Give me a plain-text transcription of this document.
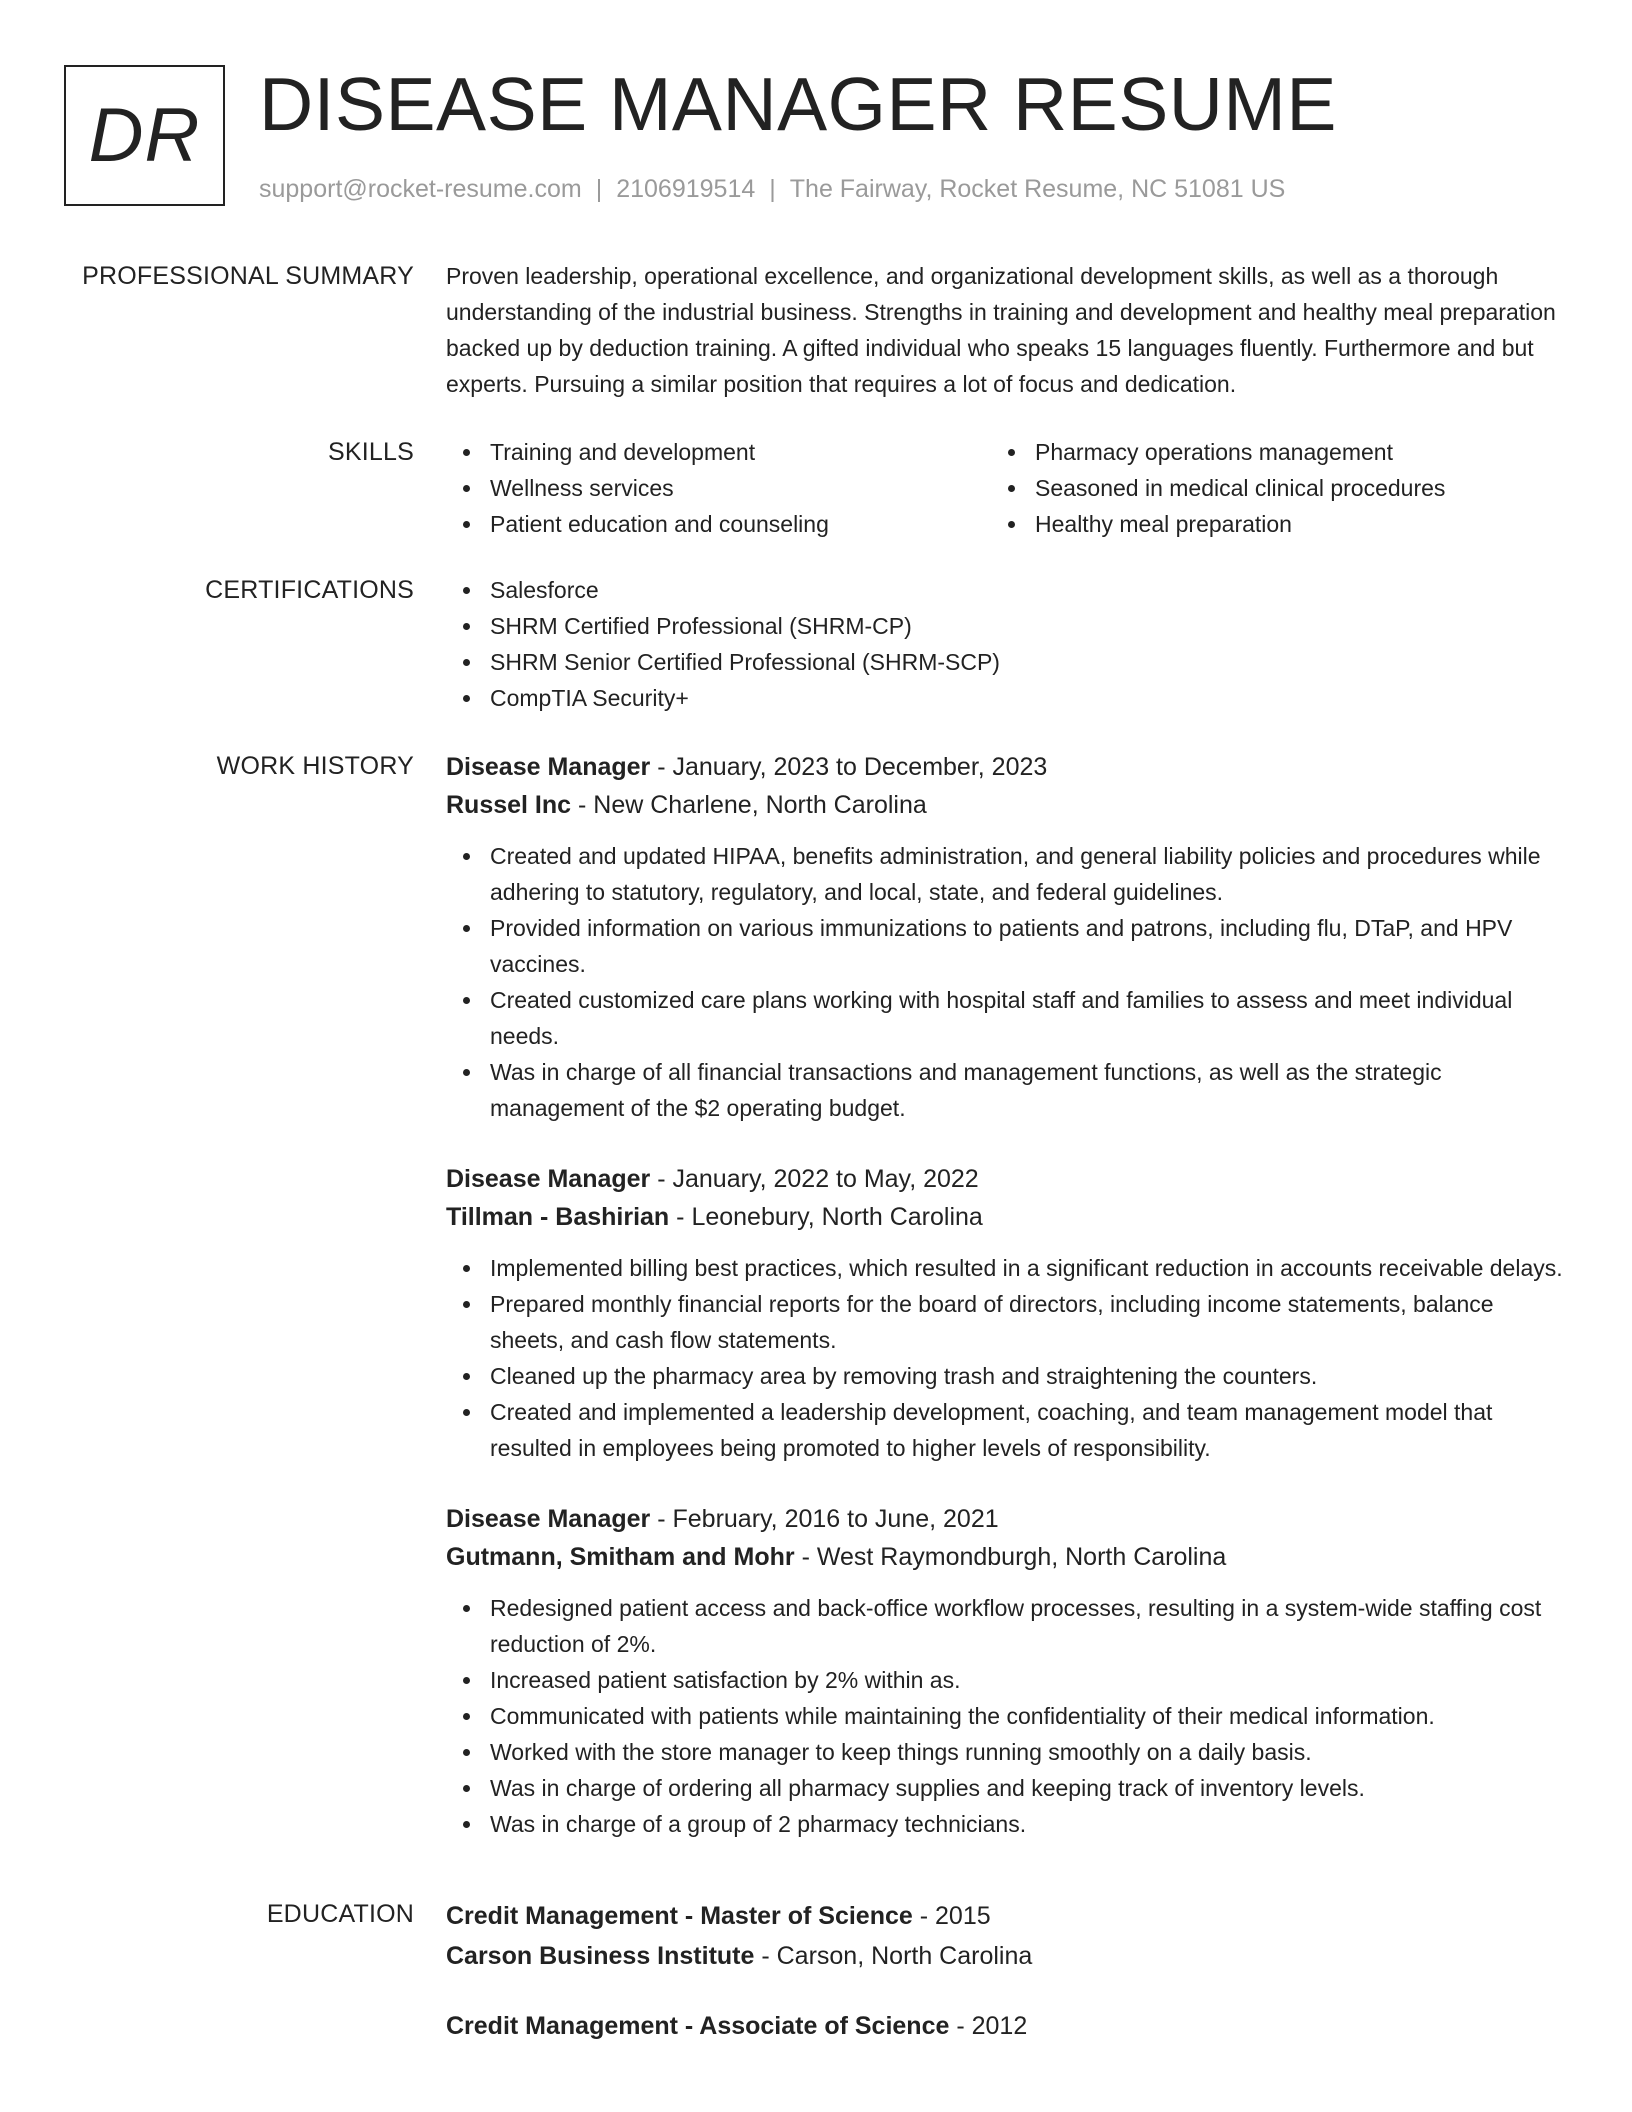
DR DISEASE MANAGER RESUME
support@rocket-resume.com | 2106919514 | The Fairway, Rocket Resume, NC 51081 US
PROFESSIONAL SUMMARY Proven leadership, operational excellence, and organizational development skills, as well as a thorough understanding of the industrial business. Strengths in training and development and healthy meal preparation backed up by deduction training. A gifted individual who speaks 15 languages fluently. Furthermore and but experts. Pursuing a similar position that requires a lot of focus and dedication.
SKILLS	Training and development
Wellness services
Patient education and counseling
Pharmacy operations management
Seasoned in medical clinical procedures
Healthy meal preparation
CERTIFICATIONS	Salesforce
SHRM Certified Professional (SHRM-CP)
SHRM Senior Certified Professional (SHRM-SCP)
CompTIA Security+
WORK HISTORY Disease Manager - January, 2023 to December, 2023
Russel Inc - New Charlene, North Carolina
Created and updated HIPAA, benefits administration, and general liability policies and procedures while adhering to statutory, regulatory, and local, state, and federal guidelines.
Provided information on various immunizations to patients and patrons, including flu, DTaP, and HPV vaccines.
Created customized care plans working with hospital staff and families to assess and meet individual needs.
Was in charge of all financial transactions and management functions, as well as the strategic management of the $2 operating budget.
Disease Manager - January, 2022 to May, 2022
Tillman - Bashirian - Leonebury, North Carolina
Implemented billing best practices, which resulted in a significant reduction in accounts receivable delays.
Prepared monthly financial reports for the board of directors, including income statements, balance sheets, and cash flow statements.
Cleaned up the pharmacy area by removing trash and straightening the counters.
Created and implemented a leadership development, coaching, and team management model that resulted in employees being promoted to higher levels of responsibility.
Disease Manager - February, 2016 to June, 2021
Gutmann, Smitham and Mohr - West Raymondburgh, North Carolina
Redesigned patient access and back-office workflow processes, resulting in a system-wide staffing cost reduction of 2%.
Increased patient satisfaction by 2% within as.
Communicated with patients while maintaining the confidentiality of their medical information.
Worked with the store manager to keep things running smoothly on a daily basis.
Was in charge of ordering all pharmacy supplies and keeping track of inventory levels.
Was in charge of a group of 2 pharmacy technicians.
EDUCATION Credit Management - Master of Science - 2015
Carson Business Institute - Carson, North Carolina
Credit Management - Associate of Science - 2012
